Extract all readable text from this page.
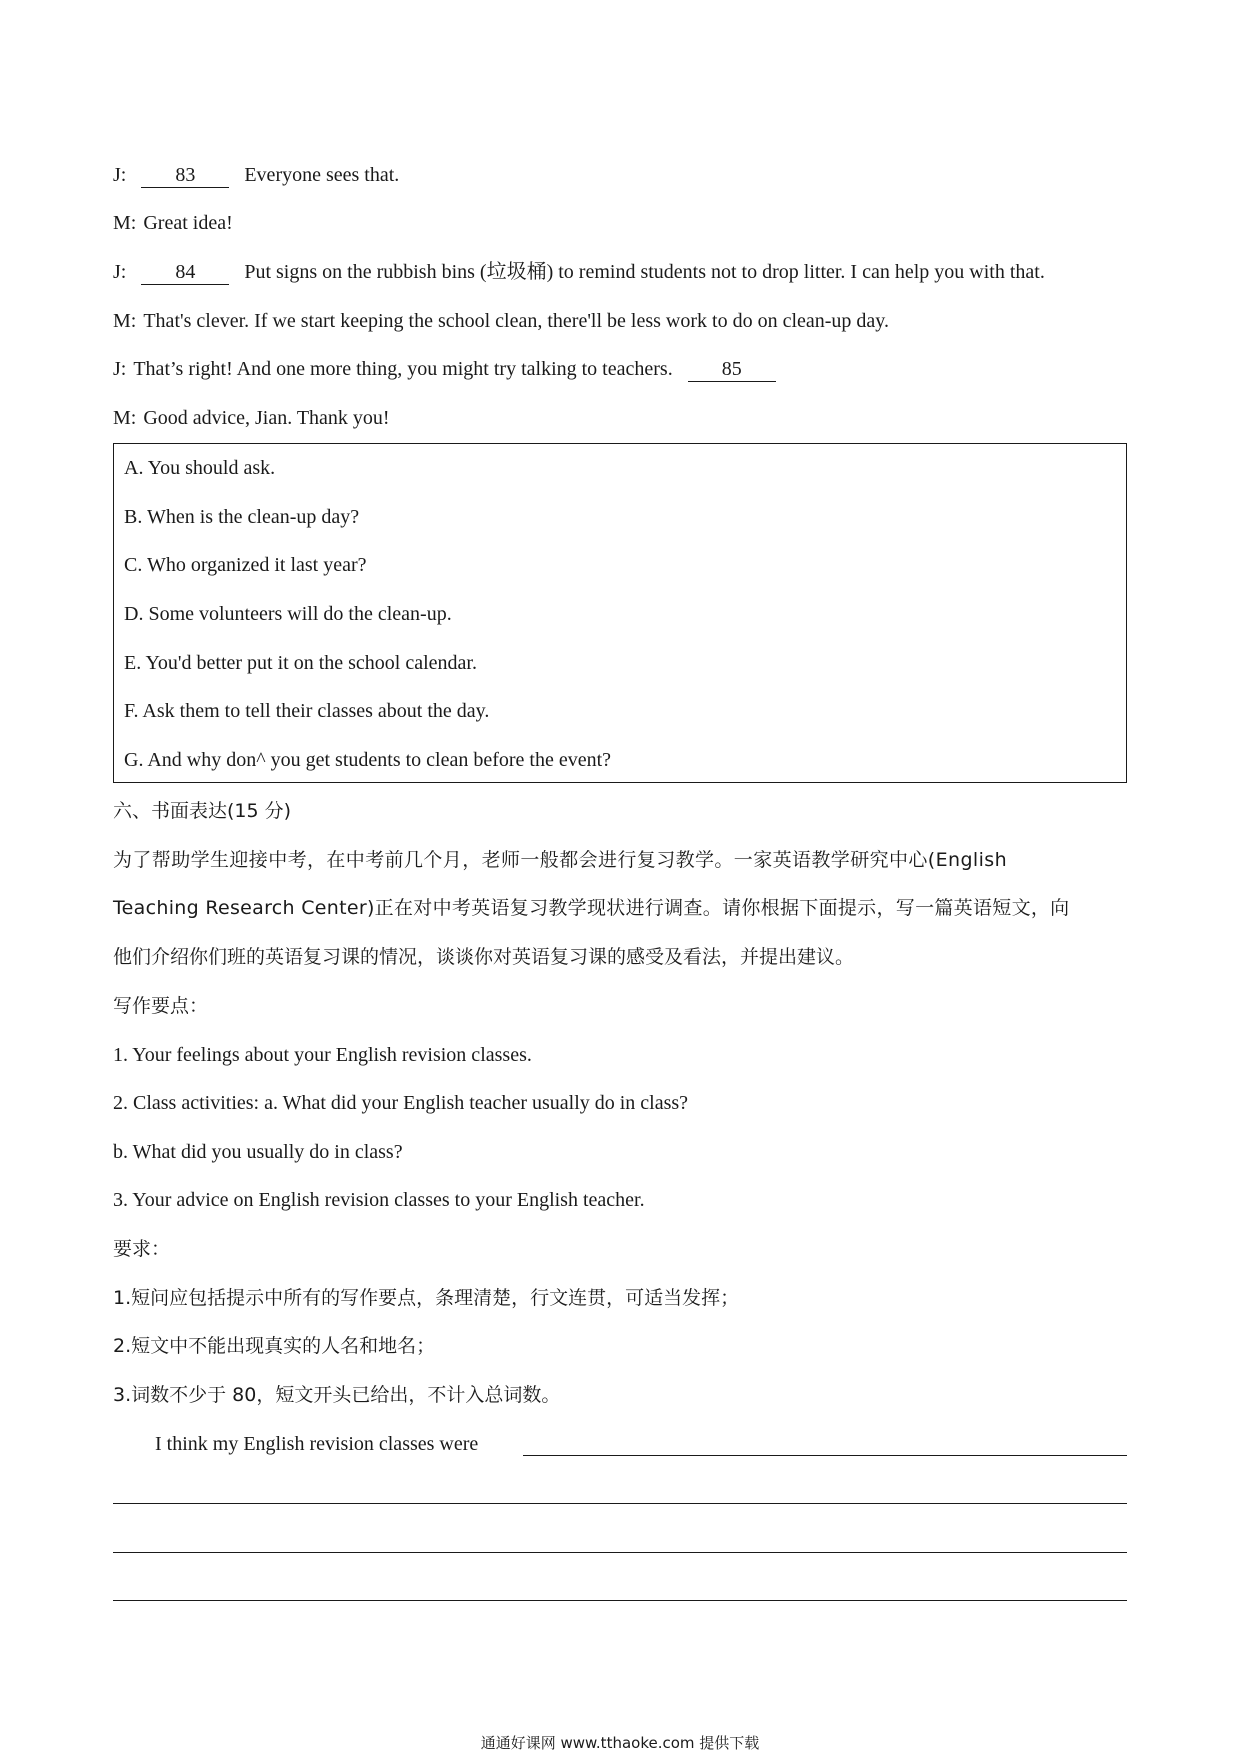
J: 83 Everyone sees that.
M: Great idea!
J: 84 Put signs on the rubbish bins (垃圾桶) to remind students not to drop litter. I can help you with that.
M: That's clever. If we start keeping the school clean, there'll be less work to do on clean-up day.
J: That’s right! And one more thing, you might try talking to teachers. 85
M: Good advice, Jian. Thank you!
A. You should ask.
B. When is the clean-up day?
C. Who organized it last year?
D. Some volunteers will do the clean-up.
E. You'd better put it on the school calendar.
F. Ask them to tell their classes about the day.
G. And why don^ you get students to clean before the event?
六、书面表达(15 分)
为了帮助学生迎接中考，在中考前几个月，老师一般都会进行复习教学。一家英语教学研究中心(English
Teaching Research Center)正在对中考英语复习教学现状进行调查。请你根据下面提示，写一篇英语短文，向
他们介绍你们班的英语复习课的情况，谈谈你对英语复习课的感受及看法，并提出建议。
写作要点：
1. Your feelings about your English revision classes.
2. Class activities: a. What did your English teacher usually do in class?
b. What did you usually do in class?
3. Your advice on English revision classes to your English teacher.
要求：
1.短问应包括提示中所有的写作要点，条理清楚，行文连贯，可适当发挥；
2.短文中不能出现真实的人名和地名；
3.词数不少于 80，短文开头已给出，不计入总词数。
I think my English revision classes were
通通好课网 www.tthaoke.com 提供下载
